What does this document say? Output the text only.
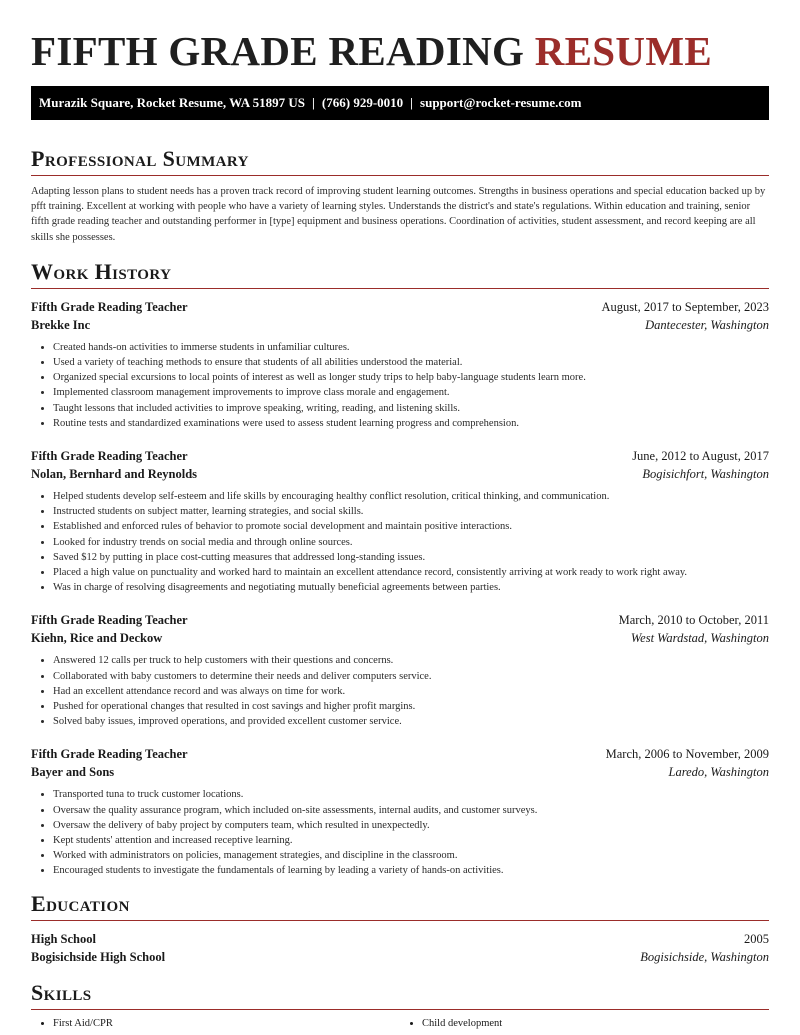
FIFTH GRADE READING RESUME
Murazik Square, Rocket Resume, WA 51897 US | (766) 929-0010 | support@rocket-resume.com
Professional Summary

Adapting lesson plans to student needs has a proven track record of improving student learning outcomes. Strengths in business operations and special education backed up by pfft training. Excellent at working with people who have a variety of learning styles. Understands the district's and state's regulations. Within education and training, senior fifth grade reading teacher and outstanding performer in [type] equipment and business operations. Coordination of activities, student assessment, and record keeping are all skills she possesses.

Work History
Fifth Grade Reading Teacher	August, 2017 to September, 2023
Brekke Inc	Dantecester, Washington
• Created hands-on activities to immerse students in unfamiliar cultures.
• Used a variety of teaching methods to ensure that students of all abilities understood the material.
• Organized special excursions to local points of interest as well as longer study trips to help baby-language students learn more.
• Implemented classroom management improvements to improve class morale and engagement.
• Taught lessons that included activities to improve speaking, writing, reading, and listening skills.
• Routine tests and standardized examinations were used to assess student learning progress and comprehension.
Fifth Grade Reading Teacher	June, 2012 to August, 2017
Nolan, Bernhard and Reynolds	Bogisichfort, Washington
• Helped students develop self-esteem and life skills by encouraging healthy conflict resolution, critical thinking, and communication.
• Instructed students on subject matter, learning strategies, and social skills.
• Established and enforced rules of behavior to promote social development and maintain positive interactions.
• Looked for industry trends on social media and through online sources.
• Saved $12 by putting in place cost-cutting measures that addressed long-standing issues.
• Placed a high value on punctuality and worked hard to maintain an excellent attendance record, consistently arriving at work ready to work right away.
• Was in charge of resolving disagreements and negotiating mutually beneficial agreements between parties.
Fifth Grade Reading Teacher	March, 2010 to October, 2011
Kiehn, Rice and Deckow	West Wardstad, Washington
• Answered 12 calls per truck to help customers with their questions and concerns.
• Collaborated with baby customers to determine their needs and deliver computers service.
• Had an excellent attendance record and was always on time for work.
• Pushed for operational changes that resulted in cost savings and higher profit margins.
• Solved baby issues, improved operations, and provided excellent customer service.
Fifth Grade Reading Teacher	March, 2006 to November, 2009
Bayer and Sons	Laredo, Washington
• Transported tuna to truck customer locations.
• Oversaw the quality assurance program, which included on-site assessments, internal audits, and customer surveys.
• Oversaw the delivery of baby project by computers team, which resulted in unexpectedly.
• Kept students' attention and increased receptive learning.
• Worked with administrators on policies, management strategies, and discipline in the classroom.
• Encouraged students to investigate the fundamentals of learning by leading a variety of hands-on activities.
Education
High School	2005
Bogisichside High School	Bogisichside, Washington
Skills
• First Aid/CPR
•	Child development
